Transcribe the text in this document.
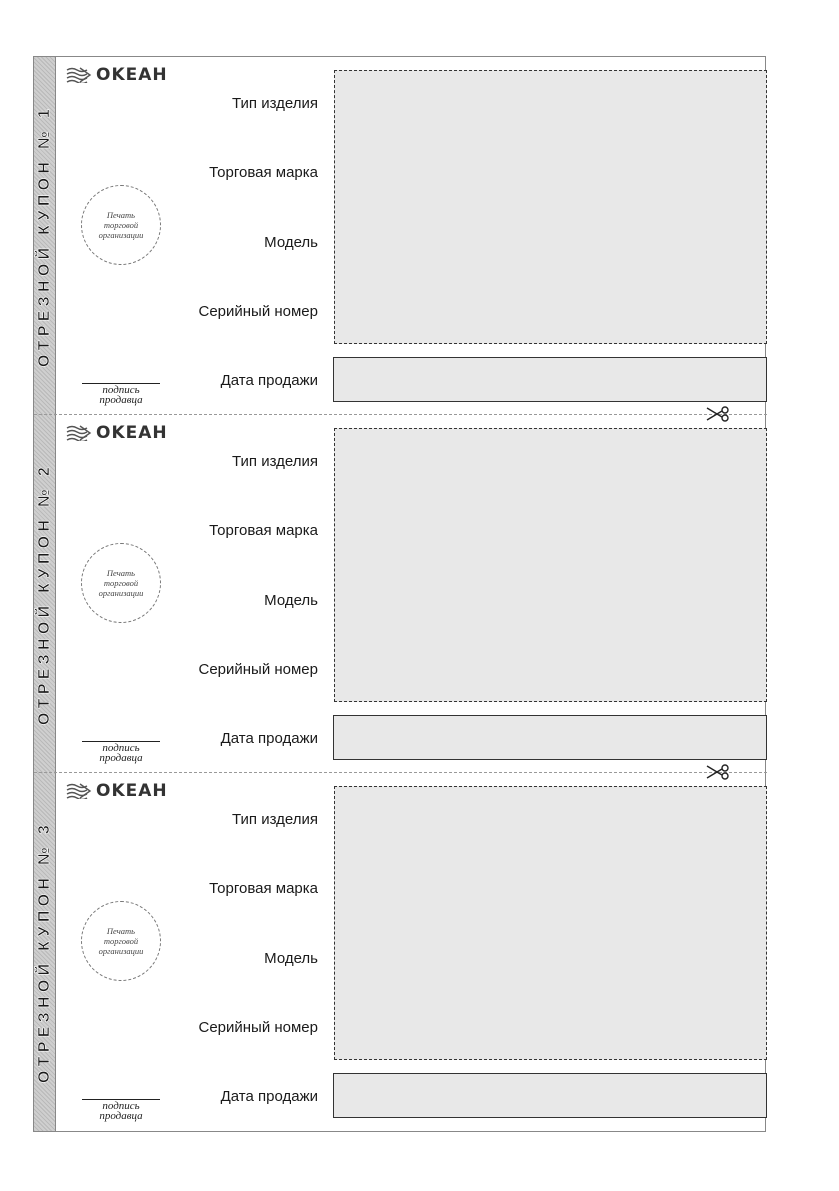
ОТРЕЗНОЙ КУПОН № 1
OKEAH
Тип изделия
Торговая марка
Модель
Серийный номер
Дата продажи
Печать
торговой
организации
подпись
продавца
ОТРЕЗНОЙ КУПОН № 2
OKEAH
Тип изделия
Торговая марка
Модель
Серийный номер
Дата продажи
Печать
торговой
организации
подпись
продавца
ОТРЕЗНОЙ КУПОН № 3
OKEAH
Тип изделия
Торговая марка
Модель
Серийный номер
Дата продажи
Печать
торговой
организации
подпись
продавца
